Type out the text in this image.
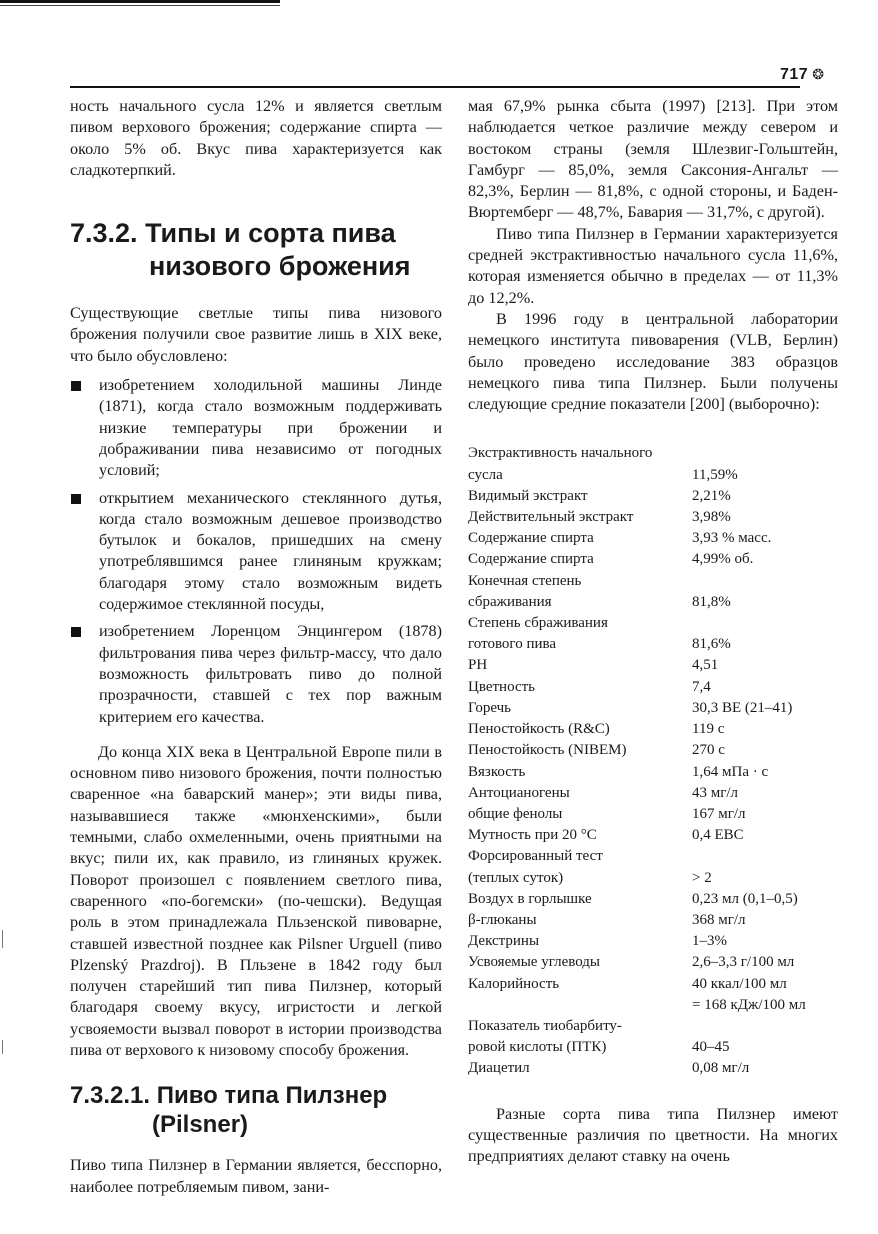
717 ❂

ность начального сусла 12% и является светлым пивом верхового брожения; содержание спирта — около 5% об. Вкус пива характеризуется как сладкотерпкий.

7.3.2. Типы и сорта пива
низового брожения

Существующие светлые типы пива низового брожения получили свое развитие лишь в XIX веке, что было обусловлено:

изобретением холодильной машины Линде (1871), когда стало возможным поддерживать низкие температуры при брожении и дображивании пива независимо от погодных условий;
открытием механического стеклянного дутья, когда стало возможным дешевое производство бутылок и бокалов, пришедших на смену употреблявшимся ранее глиняным кружкам; благодаря этому стало возможным видеть содержимое стеклянной посуды,
изобретением Лоренцом Энцингером (1878) фильтрования пива через фильтр-массу, что дало возможность фильтровать пиво до полной прозрачности, ставшей с тех пор важным критерием его качества.

До конца XIX века в Центральной Европе пили в основном пиво низового брожения, почти полностью сваренное «на баварский манер»; эти виды пива, называвшиеся также «мюнхенскими», были темными, слабо охмеленными, очень приятными на вкус; пили их, как правило, из глиняных кружек. Поворот произошел с появлением светлого пива, сваренного «по-богемски» (по-чешски). Ведущая роль в этом принадлежала Пльзенской пивоварне, ставшей известной позднее как Pilsner Urguell (пиво Plzenský Prazdroj). В Пльзене в 1842 году был получен старейший тип пива Пилзнер, который благодаря своему вкусу, игристости и легкой усвояемости вызвал поворот в истории производства пива от верхового к низовому способу брожения.

7.3.2.1. Пиво типа Пилзнер
(Pilsner)

Пиво типа Пилзнер в Германии является, бесспорно, наиболее потребляемым пивом, зани-

мая 67,9% рынка сбыта (1997) [213]. При этом наблюдается четкое различие между севером и востоком страны (земля Шлезвиг-Гольштейн, Гамбург — 85,0%, земля Саксония-Ангальт — 82,3%, Берлин — 81,8%, с одной стороны, и Баден-Вюртемберг — 48,7%, Бавария — 31,7%, с другой).

Пиво типа Пилзнер в Германии характеризуется средней экстрактивностью начального сусла 11,6%, которая изменяется обычно в пределах — от 11,3% до 12,2%.

В 1996 году в центральной лаборатории немецкого института пивоварения (VLB, Берлин) было проведено исследование 383 образцов немецкого пива типа Пилзнер. Были получены следующие средние показатели [200] (выборочно):

Экстрактивность начального	
сусла	11,59%
Видимый экстракт	2,21%
Действительный экстракт	3,98%
Содержание спирта	3,93 % масс.
Содержание спирта	4,99% об.
Конечная степень	
сбраживания	81,8%
Степень сбраживания	
готового пива	81,6%
PH	4,51
Цветность	7,4
Горечь	30,3 BE (21–41)
Пеностойкость (R&C)	119 с
Пеностойкость (NIBEM)	270 с
Вязкость	1,64 мПа · с
Антоцианогены	43 мг/л
общие фенолы	167 мг/л
Мутность при 20 °C	0,4 EBC
Форсированный тест	
(теплых суток)	> 2
Воздух в горлышке	0,23 мл (0,1–0,5)
β-глюканы	368 мг/л
Декстрины	1–3%
Усвояемые углеводы	2,6–3,3 г/100 мл
Калорийность	40 ккал/100 мл
	= 168 кДж/100 мл
Показатель тиобарбиту-	
ровой кислоты (ПТК)	40–45
Диацетил	0,08 мг/л

Разные сорта пива типа Пилзнер имеют существенные различия по цветности. На многих предприятиях делают ставку на очень
